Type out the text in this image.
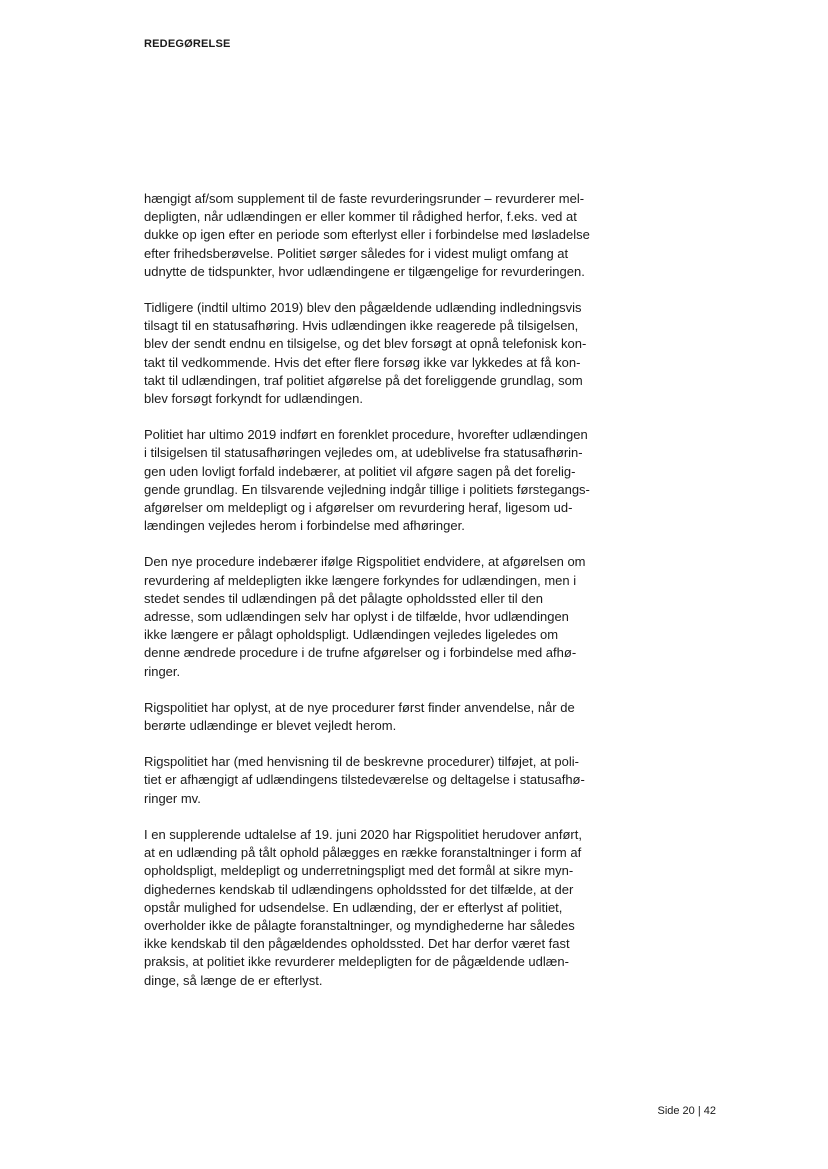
REDEGØRELSE

hængigt af/som supplement til de faste revurderingsrunder – revurderer mel-
depligten, når udlændingen er eller kommer til rådighed herfor, f.eks. ved at
dukke op igen efter en periode som efterlyst eller i forbindelse med løsladelse
efter frihedsberøvelse. Politiet sørger således for i videst muligt omfang at
udnytte de tidspunkter, hvor udlændingene er tilgængelige for revurderingen.

Tidligere (indtil ultimo 2019) blev den pågældende udlænding indledningsvis
tilsagt til en statusafhøring. Hvis udlændingen ikke reagerede på tilsigelsen,
blev der sendt endnu en tilsigelse, og det blev forsøgt at opnå telefonisk kon-
takt til vedkommende. Hvis det efter flere forsøg ikke var lykkedes at få kon-
takt til udlændingen, traf politiet afgørelse på det foreliggende grundlag, som
blev forsøgt forkyndt for udlændingen.

Politiet har ultimo 2019 indført en forenklet procedure, hvorefter udlændingen
i tilsigelsen til statusafhøringen vejledes om, at udeblivelse fra statusafhørin-
gen uden lovligt forfald indebærer, at politiet vil afgøre sagen på det forelig-
gende grundlag. En tilsvarende vejledning indgår tillige i politiets førstegangs-
afgørelser om meldepligt og i afgørelser om revurdering heraf, ligesom ud-
lændingen vejledes herom i forbindelse med afhøringer.

Den nye procedure indebærer ifølge Rigspolitiet endvidere, at afgørelsen om
revurdering af meldepligten ikke længere forkyndes for udlændingen, men i
stedet sendes til udlændingen på det pålagte opholdssted eller til den
adresse, som udlændingen selv har oplyst i de tilfælde, hvor udlændingen
ikke længere er pålagt opholdspligt. Udlændingen vejledes ligeledes om
denne ændrede procedure i de trufne afgørelser og i forbindelse med afhø-
ringer.

Rigspolitiet har oplyst, at de nye procedurer først finder anvendelse, når de
berørte udlændinge er blevet vejledt herom.

Rigspolitiet har (med henvisning til de beskrevne procedurer) tilføjet, at poli-
tiet er afhængigt af udlændingens tilstedeværelse og deltagelse i statusafhø-
ringer mv.

I en supplerende udtalelse af 19. juni 2020 har Rigspolitiet herudover anført,
at en udlænding på tålt ophold pålægges en række foranstaltninger i form af
opholdspligt, meldepligt og underretningspligt med det formål at sikre myn-
dighedernes kendskab til udlændingens opholdssted for det tilfælde, at der
opstår mulighed for udsendelse. En udlænding, der er efterlyst af politiet,
overholder ikke de pålagte foranstaltninger, og myndighederne har således
ikke kendskab til den pågældendes opholdssted. Det har derfor været fast
praksis, at politiet ikke revurderer meldepligten for de pågældende udlæn-
dinge, så længe de er efterlyst.

Side 20 | 42
